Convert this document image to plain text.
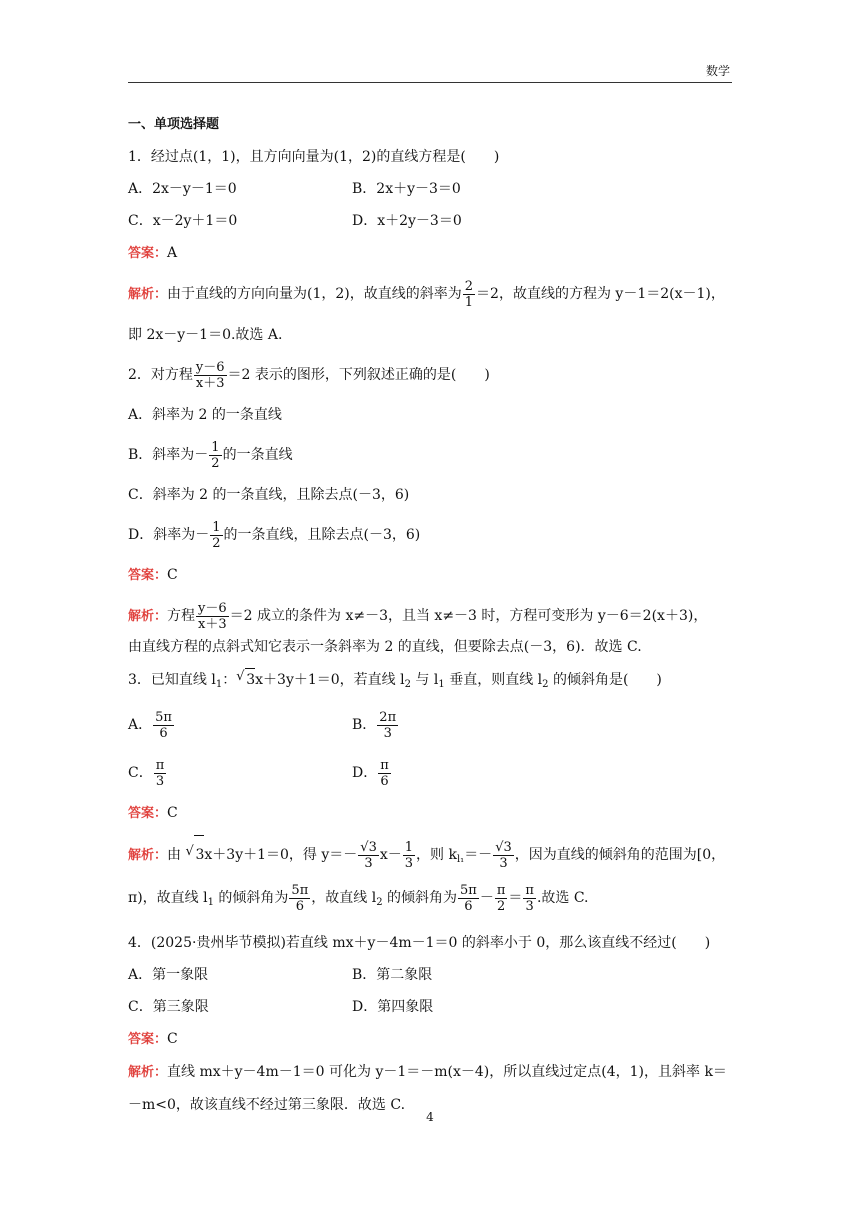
数学
一、单项选择题
1．经过点(1，1)，且方向向量为(1，2)的直线方程是(　　)
A．2x－y－1＝0	B．2x＋y－3＝0
C．x－2y＋1＝0	D．x＋2y－3＝0
答案：A
解析：由于直线的方向向量为(1，2)，故直线的斜率为 $\frac{2}{1} =2$，故直线的方程为 y－1＝2(x－1)，
即 2x－y－1＝0.故选 A.
2．对方程 $\frac{y-6}{x+3} =2$ 表示的图形，下列叙述正确的是(　　)
A．斜率为 2 的一条直线
B．斜率为－ $\frac{1}{2}$ 的一条直线
C．斜率为 2 的一条直线，且除去点(－3，6)
D．斜率为－ $\frac{1}{2}$ 的一条直线，且除去点(－3，6)
答案：C
解析：方程 $\frac{y-6}{x+3} =2$ 成立的条件为 x≠－3，且当 x≠－3 时，方程可变形为 y－6＝2(x＋3)，
由直线方程的点斜式知它表示一条斜率为 2 的直线，但要除去点(－3，6)．故选 C.
3．已知直线 $l_1$：√ 3x＋3y＋1＝0，若直线 $l_2$ 与 $l_1$ 垂直，则直线 $l_2$ 的倾斜角是(　　)
A． $\frac{5\pi}{6}$	B． $\frac{2\pi}{3}$
C． $\frac{\pi}{3}$	D． $\frac{\pi}{6}$
答案：C
解析：由 √ 3x＋3y＋1＝0，得 $y=- \frac{√3}{3} x- \frac{1}{3}$ ，则 $k_{l_1}=- \frac{√3}{3}$ ，因为直线的倾斜角的范围为[0，
π)，故直线 $l_1$ 的倾斜角为 $\frac{5\pi}{6}$ ，故直线 $l_2$ 的倾斜角为 $\frac{5\pi}{6} - \frac{\pi}{2} = \frac{\pi}{3}$ .故选 C.
4．(2025·贵州毕节模拟)若直线 mx＋y－4m－1＝0 的斜率小于 0，那么该直线不经过(　　)
A．第一象限	B．第二象限
C．第三象限	D．第四象限
答案：C
解析：直线 mx＋y－4m－1＝0 可化为 y－1＝－m(x－4)，所以直线过定点(4，1)，且斜率 k＝
－m<0，故该直线不经过第三象限．故选 C.
4
